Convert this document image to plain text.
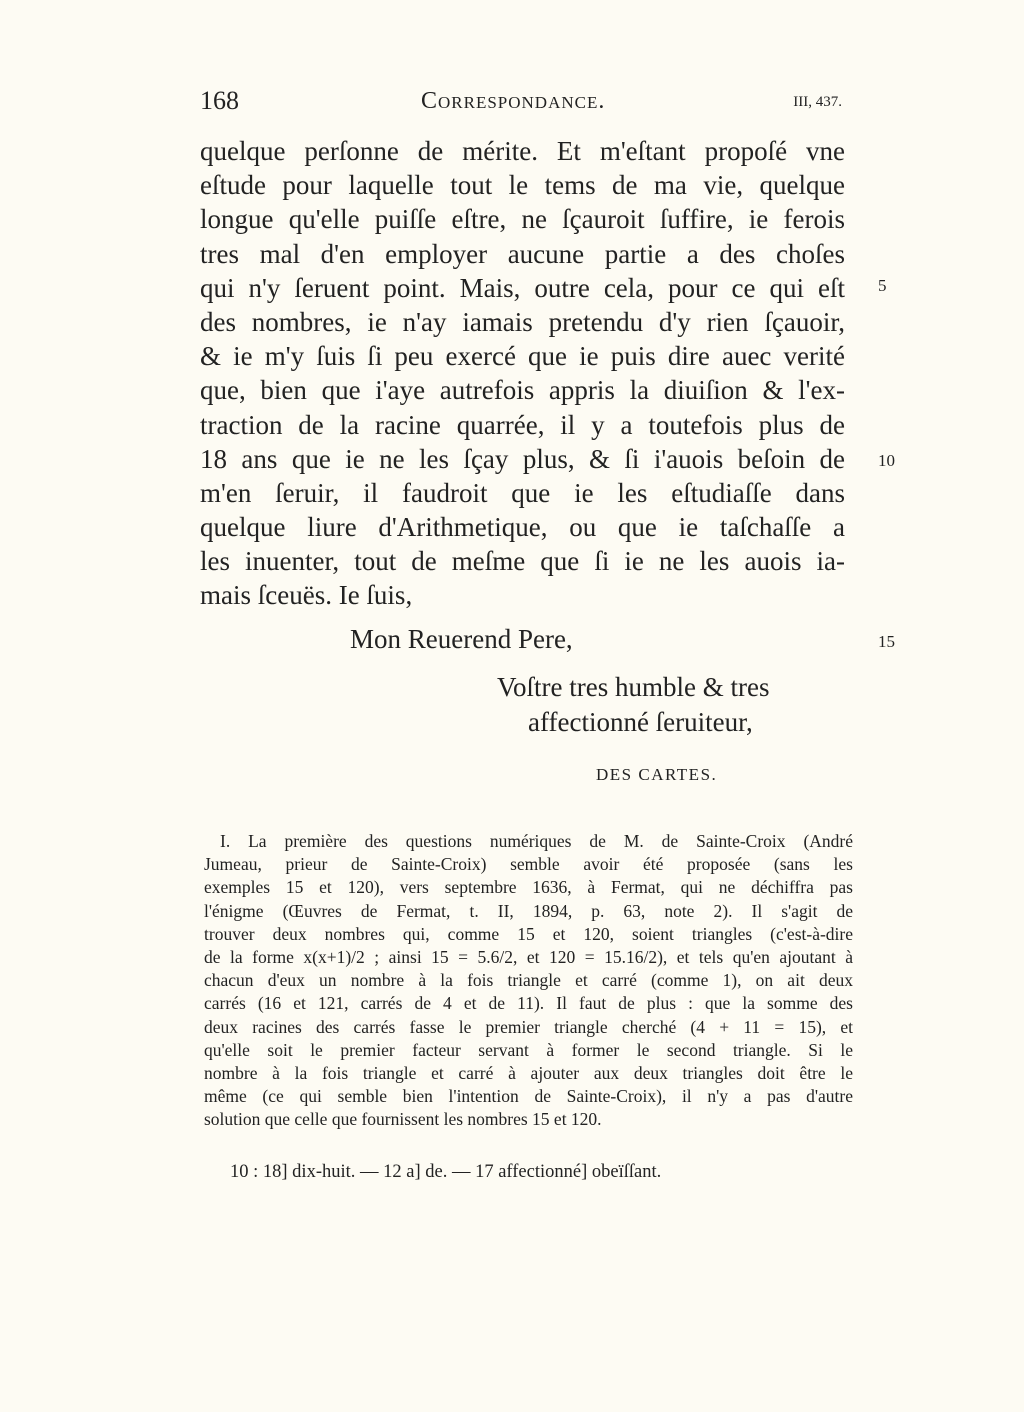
168	Correspondance.	III, 437.
quelque perſonne de mérite. Et m'eſtant propoſé vne
eſtude pour laquelle tout le tems de ma vie, quelque
longue qu'elle puiſſe eſtre, ne ſçauroit ſuffire, ie ferois
tres mal d'en employer aucune partie a des choſes
qui n'y ſeruent point. Mais, outre cela, pour ce qui eſt
des nombres, ie n'ay iamais pretendu d'y rien ſçauoir,
& ie m'y ſuis ſi peu exercé que ie puis dire auec verité
que, bien que i'aye autrefois appris la diuiſion & l'ex-
traction de la racine quarrée, il y a toutefois plus de
18 ans que ie ne les ſçay plus, & ſi i'auois beſoin de
m'en ſeruir, il faudroit que ie les eſtudiaſſe dans
quelque liure d'Arithmetique, ou que ie taſchaſſe a
les inuenter, tout de meſme que ſi ie ne les auois ia-
mais ſceuës. Ie ſuis,
5
10
15
Mon Reuerend Pere,
Voſtre tres humble & tres
affectionné ſeruiteur,
DES CARTES.
I. La première des questions numériques de M. de Sainte-Croix (André
Jumeau, prieur de Sainte-Croix) semble avoir été proposée (sans les
exemples 15 et 120), vers septembre 1636, à Fermat, qui ne déchiffra pas
l'énigme (Œuvres de Fermat, t. II, 1894, p. 63, note 2). Il s'agit de
trouver deux nombres qui, comme 15 et 120, soient triangles (c'est-à-dire
de la forme x(x+1)/2 ; ainsi 15 = 5.6/2, et 120 = 15.16/2), et tels qu'en ajoutant à
chacun d'eux un nombre à la fois triangle et carré (comme 1), on ait deux
carrés (16 et 121, carrés de 4 et de 11). Il faut de plus : que la somme des
deux racines des carrés fasse le premier triangle cherché (4 + 11 = 15), et
qu'elle soit le premier facteur servant à former le second triangle. Si le
nombre à la fois triangle et carré à ajouter aux deux triangles doit être le
même (ce qui semble bien l'intention de Sainte-Croix), il n'y a pas d'autre
solution que celle que fournissent les nombres 15 et 120.
10 : 18] dix-huit. — 12 a] de. — 17 affectionné] obeïſſant.
